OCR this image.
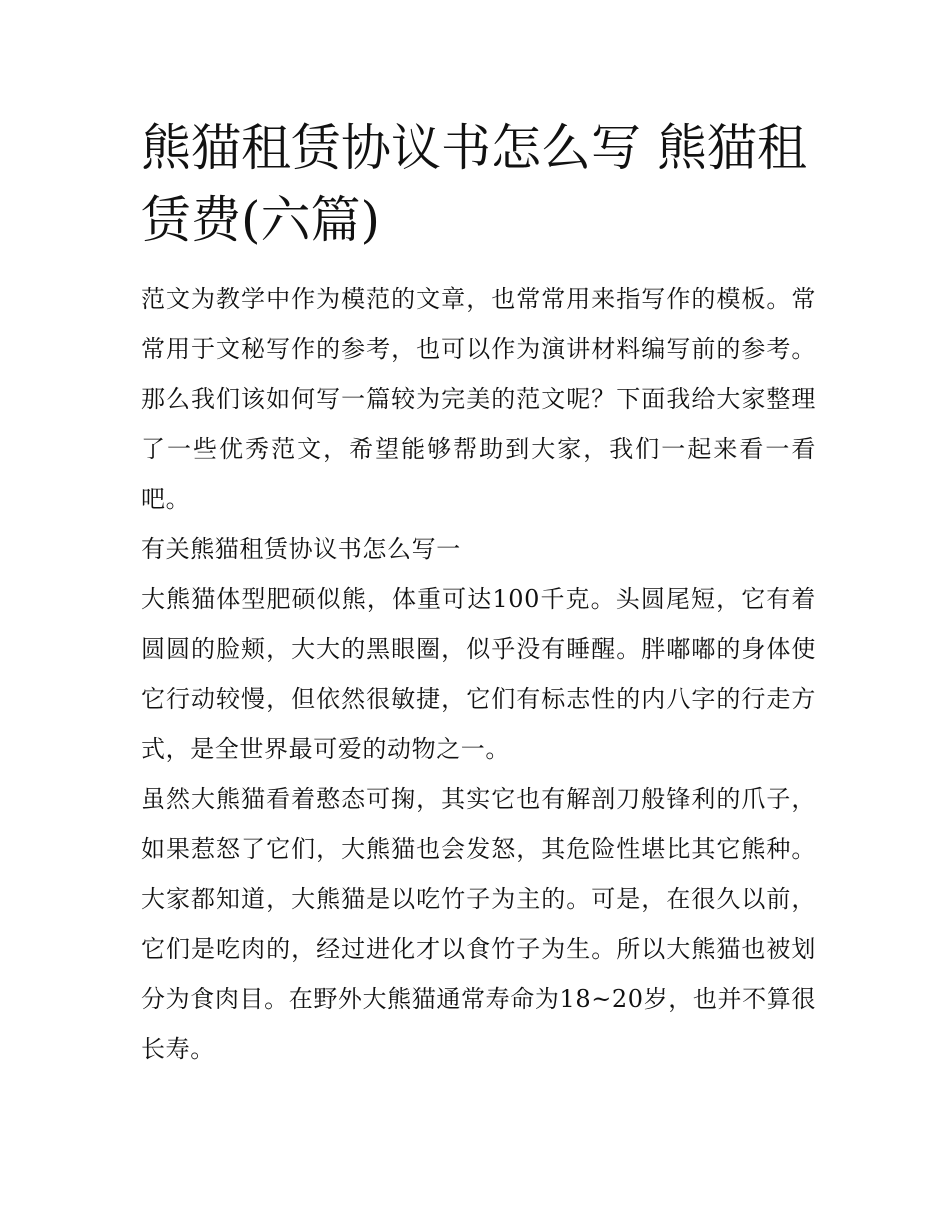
熊猫租赁协议书怎么写 熊猫租赁费(六篇)

范文为教学中作为模范的文章，也常常用来指写作的模板。常常用于文秘写作的参考，也可以作为演讲材料编写前的参考。那么我们该如何写一篇较为完美的范文呢？下面我给大家整理了一些优秀范文，希望能够帮助到大家，我们一起来看一看吧。

有关熊猫租赁协议书怎么写一

大熊猫体型肥硕似熊，体重可达100千克。头圆尾短，它有着圆圆的脸颊，大大的黑眼圈，似乎没有睡醒。胖嘟嘟的身体使它行动较慢，但依然很敏捷，它们有标志性的内八字的行走方式，是全世界最可爱的动物之一。

虽然大熊猫看着憨态可掬，其实它也有解剖刀般锋利的爪子，如果惹怒了它们，大熊猫也会发怒，其危险性堪比其它熊种。大家都知道，大熊猫是以吃竹子为主的。可是，在很久以前，它们是吃肉的，经过进化才以食竹子为生。所以大熊猫也被划分为食肉目。在野外大熊猫通常寿命为18~20岁，也并不算很长寿。
